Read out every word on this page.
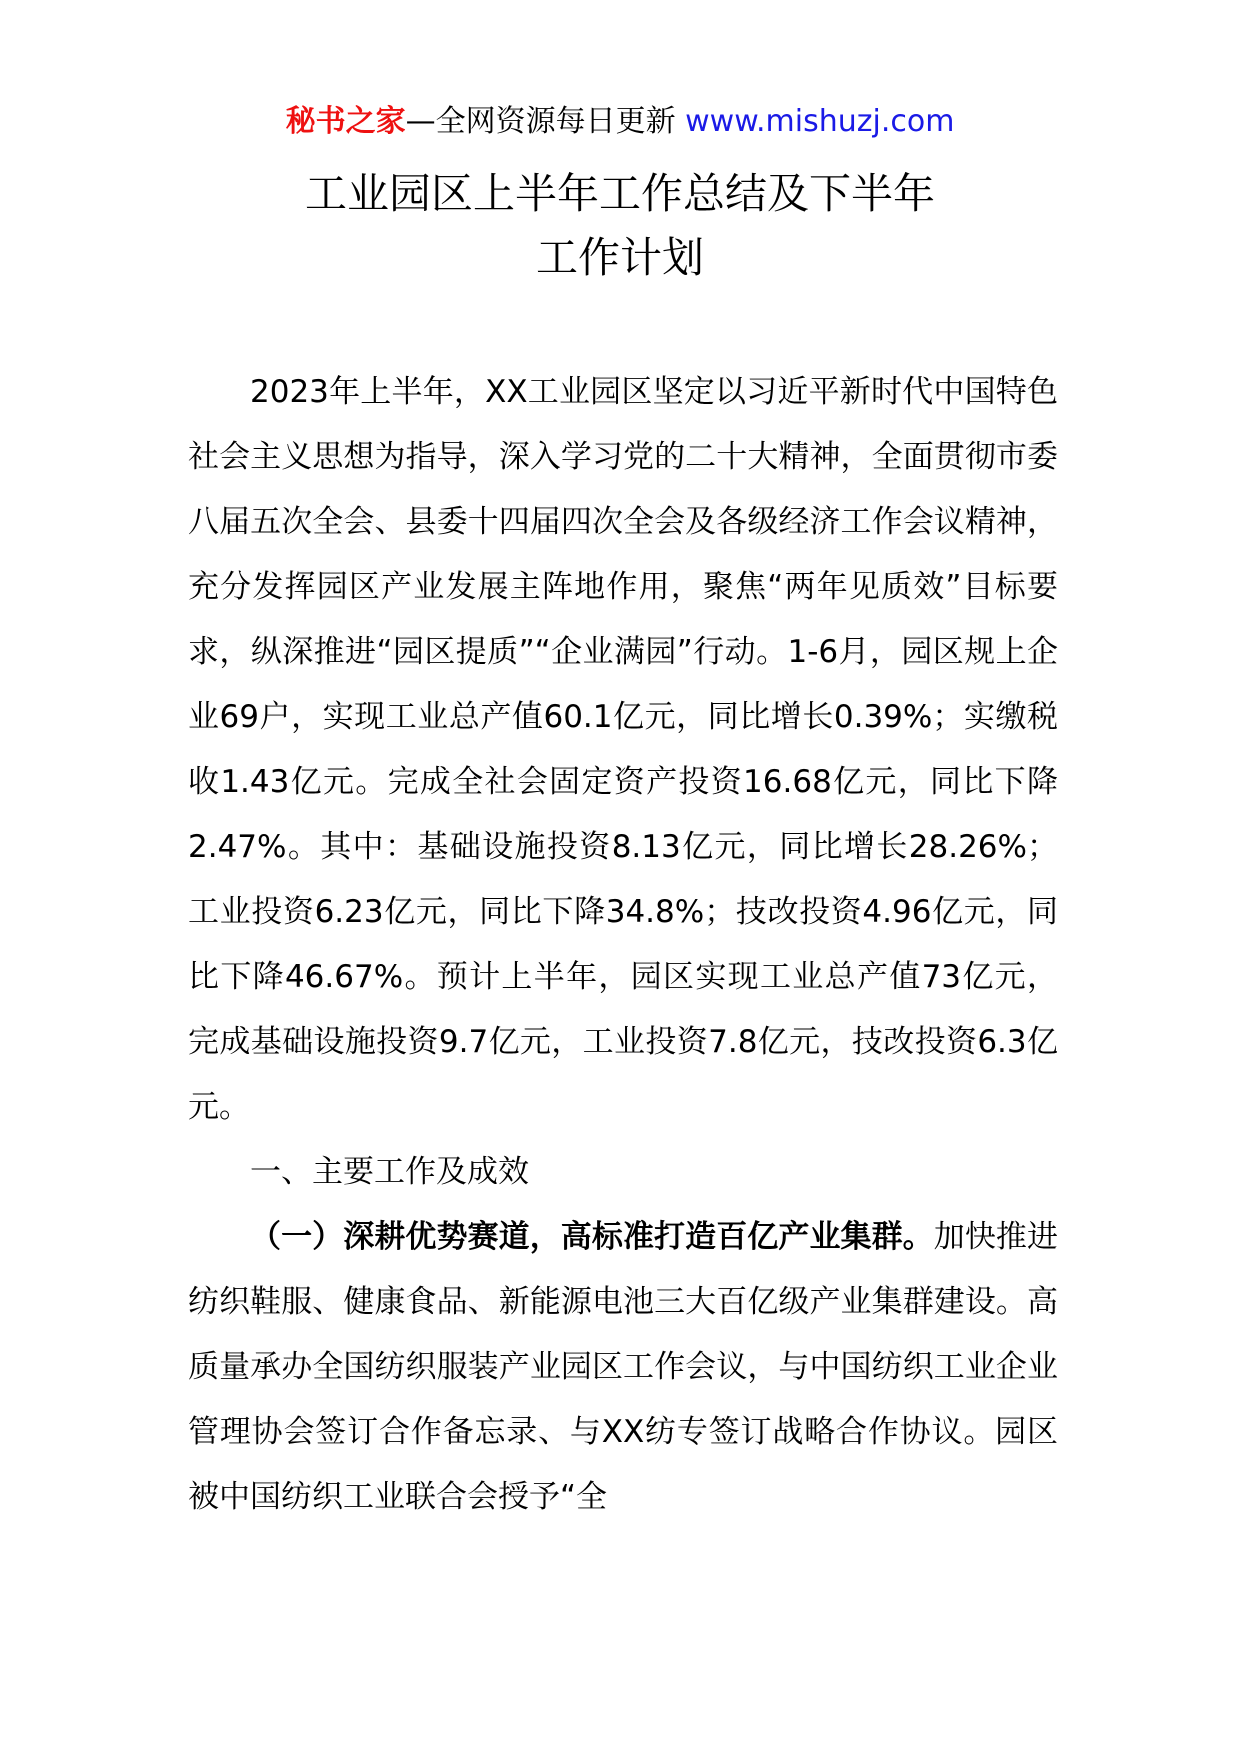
秘书之家—全网资源每日更新 www.mishuzj.com
工业园区上半年工作总结及下半年
工作计划

2023年上半年，XX工业园区坚定以习近平新时代中国特色社会主义思想为指导，深入学习党的二十大精神，全面贯彻市委八届五次全会、县委十四届四次全会及各级经济工作会议精神，充分发挥园区产业发展主阵地作用，聚焦“两年见质效”目标要求，纵深推进“园区提质”“企业满园”行动。1-6月，园区规上企业69户，实现工业总产值60.1亿元，同比增长0.39%；实缴税收1.43亿元。完成全社会固定资产投资16.68亿元，同比下降2.47%。其中：基础设施投资8.13亿元，同比增长28.26%；工业投资6.23亿元，同比下降34.8%；技改投资4.96亿元，同比下降46.67%。预计上半年，园区实现工业总产值73亿元，完成基础设施投资9.7亿元，工业投资7.8亿元，技改投资6.3亿元。

一、主要工作及成效

（一）深耕优势赛道，高标准打造百亿产业集群。加快推进纺织鞋服、健康食品、新能源电池三大百亿级产业集群建设。高质量承办全国纺织服装产业园区工作会议，与中国纺织工业企业管理协会签订合作备忘录、与XX纺专签订战略合作协议。园区被中国纺织工业联合会授予“全
